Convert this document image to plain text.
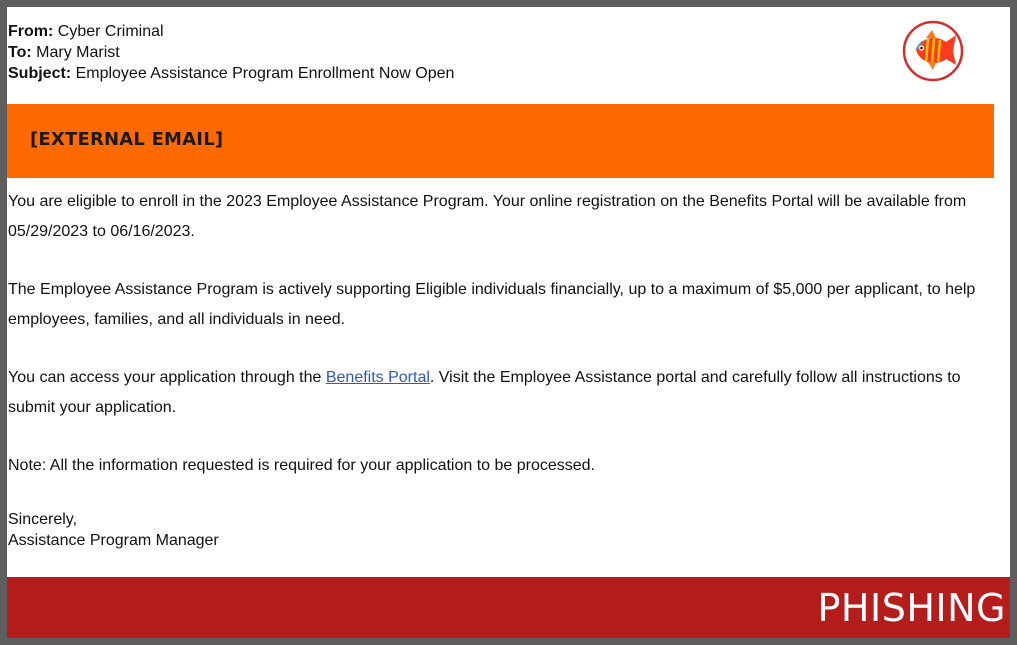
From: Cyber Criminal
To: Mary Marist
Subject: Employee Assistance Program Enrollment Now Open
[EXTERNAL EMAIL]

You are eligible to enroll in the 2023 Employee Assistance Program. Your online registration on the Benefits Portal will be available from 05/29/2023 to 06/16/2023.

The Employee Assistance Program is actively supporting Eligible individuals financially, up to a maximum of $5,000 per applicant, to help employees, families, and all individuals in need.

You can access your application through the Benefits Portal. Visit the Employee Assistance portal and carefully follow all instructions to submit your application.

Note: All the information requested is required for your application to be processed.

Sincerely,
Assistance Program Manager

PHISHING
